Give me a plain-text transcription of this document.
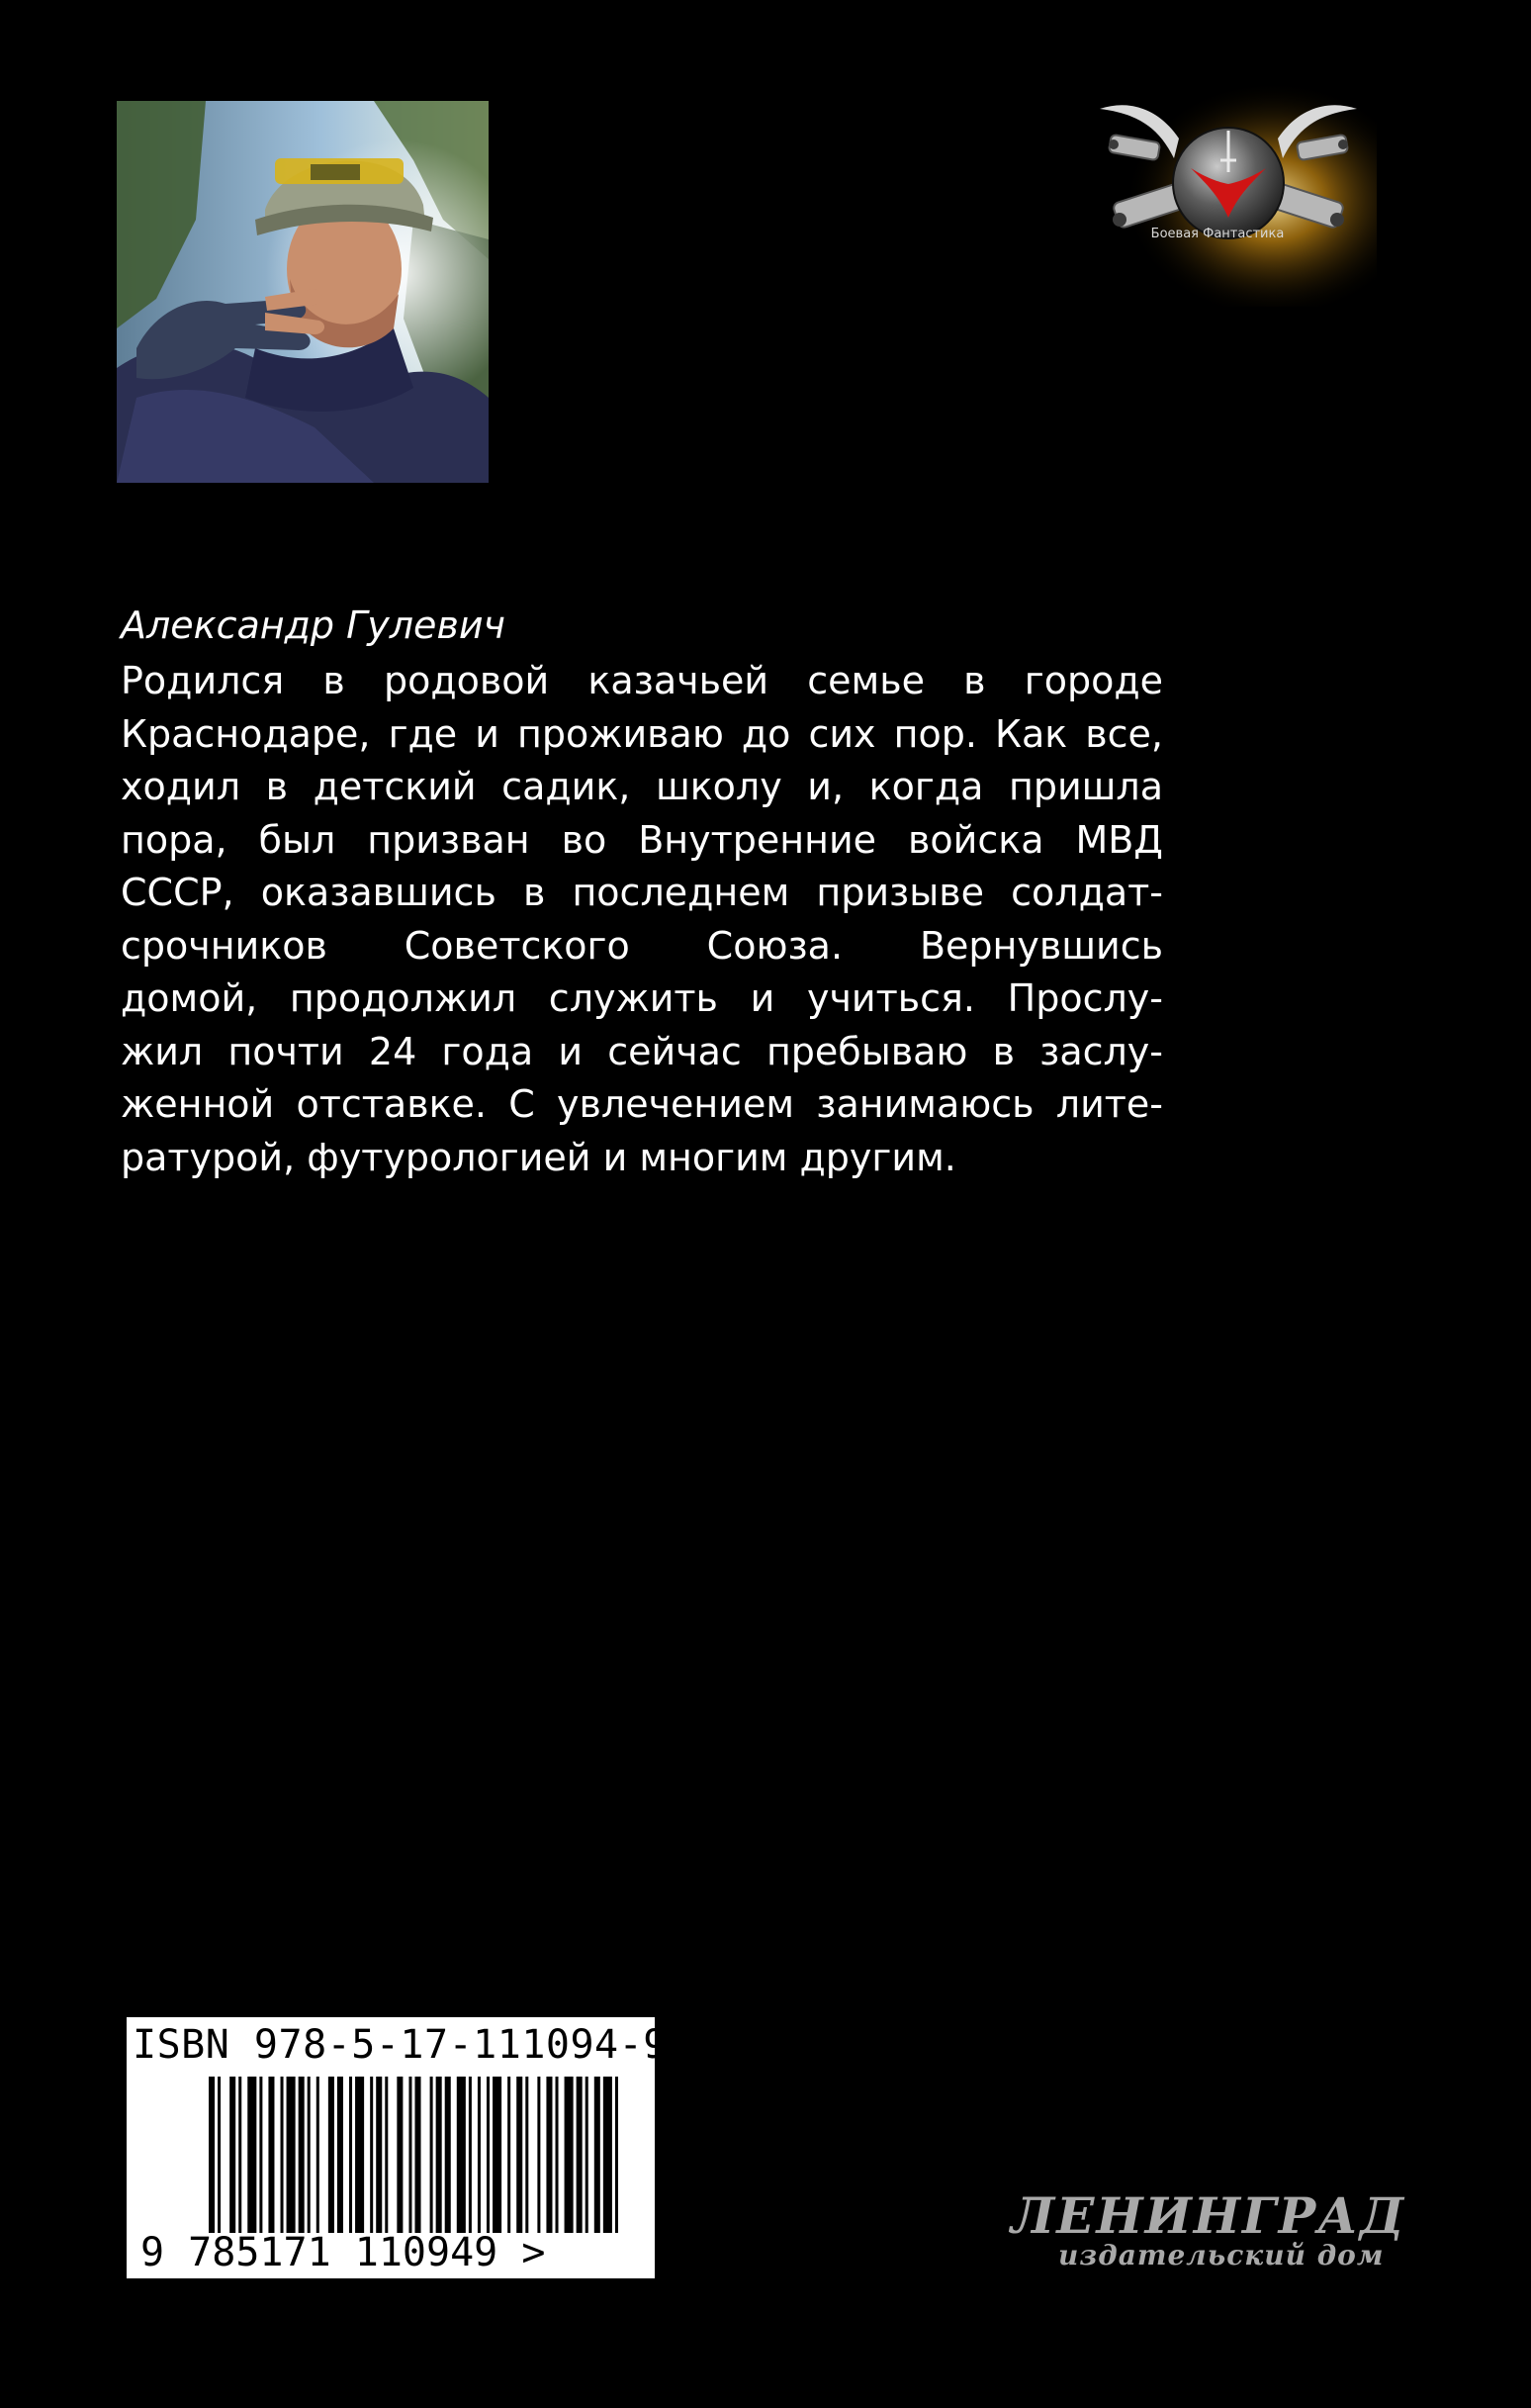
Боевая Фантастика
Александр Гулевич
Родился в родовой казачьей семье в городе
Краснодаре, где и проживаю до сих пор. Как все,
ходил в детский садик, школу и, когда пришла
пора, был призван во Внутренние войска МВД
СССР, оказавшись в последнем призыве солдат-
срочников Советского Союза. Вернувшись
домой, продолжил служить и учиться. Прослу-
жил почти 24 года и сейчас пребываю в заслу-
женной отставке. С увлечением занимаюсь лите-
ратурой, футурологией и многим другим.
ISBN 978-5-17-111094-9
9 785171 110949 >
ЛЕНИНГРАД
издательский дом
